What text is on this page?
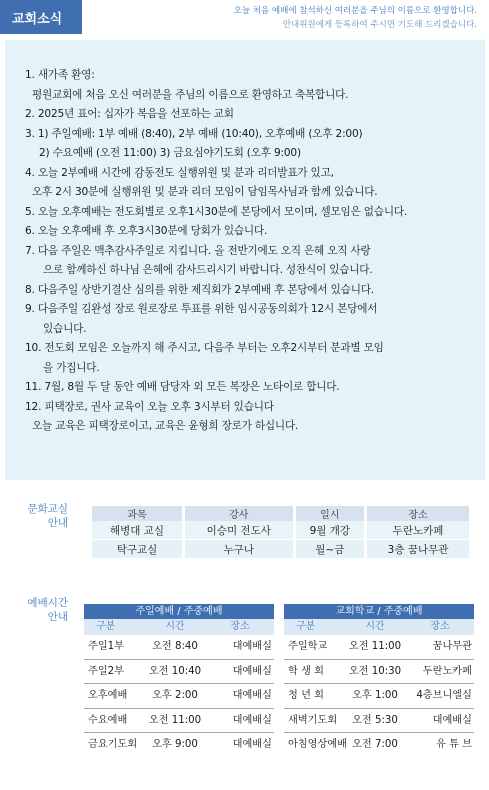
교회소식
오늘 처음 예배에 참석하신 여러분을 주님의 이름으로 환영합니다.
안내위원에게 등록하여 주시면 기도해 드리겠습니다.
1. 새가족 환영:
평원교회에 처음 오신 여러분을 주님의 이름으로 환영하고 축복합니다.
2. 2025년 표어: 십자가 복음을 선포하는 교회
3. 1) 주일예배: 1부 예배 (8:40), 2부 예배 (10:40), 오후예배 (오후 2:00)
2) 수요예배 (오전 11:00) 3) 금요심야기도회 (오후 9:00)
4. 오늘 2부예배 시간에 감동전도 실행위원 및 분과 리더발표가 있고,
오후 2시 30분에 실행위원 및 분과 리더 모임이 담임목사님과 함께 있습니다.
5. 오늘 오후예배는 전도회별로 오후1시30분에 본당에서 모이며, 셀모임은 없습니다.
6. 오늘 오후예배 후 오후3시30분에 당회가 있습니다.
7. 다음 주일은 맥추감사주일로 지킵니다. 올 전반기에도 오직 은혜 오직 사랑
으로 함께하신 하나님 은혜에 감사드리시기 바랍니다. 성찬식이 있습니다.
8. 다음주일 상반기결산 심의를 위한 제직회가 2부예배 후 본당에서 있습니다.
9. 다음주일 김완성 장로 원로장로 투표를 위한 임시공동의회가 12시 본당에서
있습니다.
10. 전도회 모임은 오늘까지 해 주시고, 다음주 부터는 오후2시부터 분과별 모임
을 가집니다.
11. 7월, 8월 두 달 동안 예배 담당자 외 모든 복장은 노타이로 합니다.
12. 피택장로, 권사 교육이 오늘 오후 3시부터 있습니다
오늘 교육은 피택장로이고, 교육은 윤형희 장로가 하십니다.
문화교실
안내
과목	강사	일시	장소
해병대 교실	이승미 전도사	9월 개강	두란노카페
탁구교실	누구나	월~금	3층 꿈나무관
예배시간
안내	주일예배 / 주중예배
구분	시간	장소
주일1부	오전 8:40	대예배실
주일2부	오전 10:40	대예배실
오후예배	오후 2:00	대예배실
수요예배	오전 11:00	대예배실
금요기도회	오후 9:00	대예배실
교회학교 / 주중예배
구분	시간	장소
주일학교	오전 11:00	꿈나무관
학 생 회	오전 10:30	두란노카페
청 년 회	오후 1:00	4층브니엘실
새벽기도회	오전 5:30	대예배실
아침영상예배 오전 7:00	유 튜 브
